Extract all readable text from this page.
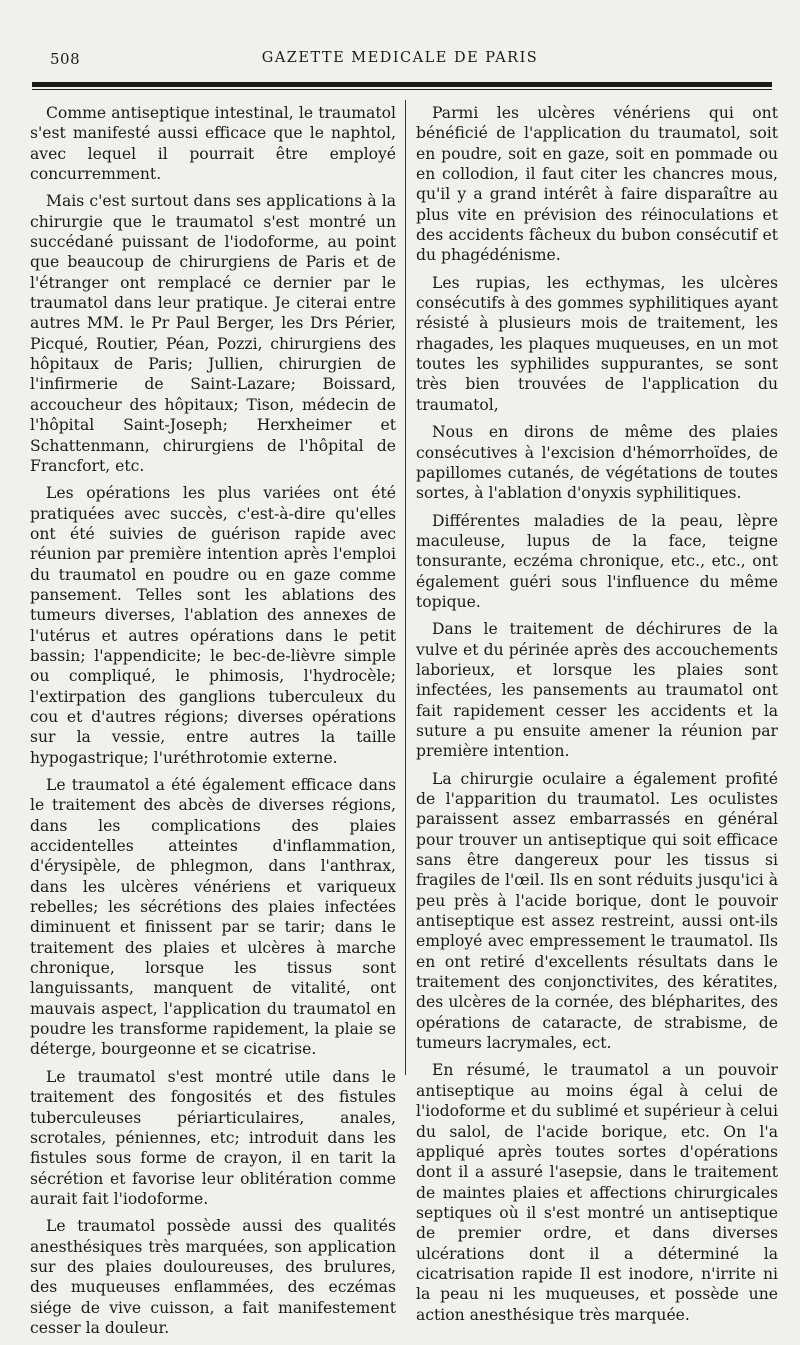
508	GAZETTE MEDICALE DE PARIS

Comme antiseptique intestinal, le traumatol s'est manifesté aussi efficace que le naphtol, avec lequel il pourrait être employé concurremment.

Mais c'est surtout dans ses applications à la chirurgie que le traumatol s'est montré un succédané puissant de l'iodoforme, au point que beaucoup de chirurgiens de Paris et de l'étranger ont remplacé ce dernier par le traumatol dans leur pratique. Je citerai entre autres MM. le Pr Paul Berger, les Drs Périer, Picqué, Routier, Péan, Pozzi, chirurgiens des hôpitaux de Paris; Jullien, chirurgien de l'infirmerie de Saint-Lazare; Boissard, accoucheur des hôpitaux; Tison, médecin de l'hôpital Saint-Joseph; Herxheimer et Schattenmann, chirurgiens de l'hôpital de Francfort, etc.

Les opérations les plus variées ont été pratiquées avec succès, c'est-à-dire qu'elles ont été suivies de guérison rapide avec réunion par première intention après l'emploi du traumatol en poudre ou en gaze comme pansement. Telles sont les ablations des tumeurs diverses, l'ablation des annexes de l'utérus et autres opérations dans le petit bassin; l'appendicite; le bec-de-lièvre simple ou compliqué, le phimosis, l'hydrocèle; l'extirpation des ganglions tuberculeux du cou et d'autres régions; diverses opérations sur la vessie, entre autres la taille hypogastrique; l'uréthrotomie externe.

Le traumatol a été également efficace dans le traitement des abcès de diverses régions, dans les complications des plaies accidentelles atteintes d'inflammation, d'érysipèle, de phlegmon, dans l'anthrax, dans les ulcères vénériens et variqueux rebelles; les sécrétions des plaies infectées diminuent et finissent par se tarir; dans le traitement des plaies et ulcères à marche chronique, lorsque les tissus sont languissants, manquent de vitalité, ont mauvais aspect, l'application du traumatol en poudre les transforme rapidement, la plaie se déterge, bourgeonne et se cicatrise.

Le traumatol s'est montré utile dans le traitement des fongosités et des fistules tuberculeuses périarticulaires, anales, scrotales, péniennes, etc; introduit dans les fistules sous forme de crayon, il en tarit la sécrétion et favorise leur oblitération comme aurait fait l'iodoforme.

Le traumatol possède aussi des qualités anesthésiques très marquées, son application sur des plaies douloureuses, des brulures, des muqueuses enflammées, des eczémas siége de vive cuisson, a fait manifestement cesser la douleur.

Parmi les ulcères vénériens qui ont bénéficié de l'application du traumatol, soit en poudre, soit en gaze, soit en pommade ou en collodion, il faut citer les chancres mous, qu'il y a grand intérêt à faire disparaître au plus vite en prévision des réinoculations et des accidents fâcheux du bubon consécutif et du phagédénisme.

Les rupias, les ecthymas, les ulcères consécutifs à des gommes syphilitiques ayant résisté à plusieurs mois de traitement, les rhagades, les plaques muqueuses, en un mot toutes les syphilides suppurantes, se sont très bien trouvées de l'application du traumatol,

Nous en dirons de même des plaies consécutives à l'excision d'hémorrhoïdes, de papillomes cutanés, de végétations de toutes sortes, à l'ablation d'onyxis syphilitiques.

Différentes maladies de la peau, lèpre maculeuse, lupus de la face, teigne tonsurante, eczéma chronique, etc., etc., ont également guéri sous l'influence du même topique.

Dans le traitement de déchirures de la vulve et du périnée après des accouchements laborieux, et lorsque les plaies sont infectées, les pansements au traumatol ont fait rapidement cesser les accidents et la suture a pu ensuite amener la réunion par première intention.

La chirurgie oculaire a également profité de l'apparition du traumatol. Les oculistes paraissent assez embarrassés en général pour trouver un antiseptique qui soit efficace sans être dangereux pour les tissus si fragiles de l'œil. Ils en sont réduits jusqu'ici à peu près à l'acide borique, dont le pouvoir antiseptique est assez restreint, aussi ont-ils employé avec empressement le traumatol. Ils en ont retiré d'excellents résultats dans le traitement des conjonctivites, des kératites, des ulcères de la cornée, des blépharites, des opérations de cataracte, de strabisme, de tumeurs lacrymales, ect.

En résumé, le traumatol a un pouvoir antiseptique au moins égal à celui de l'iodoforme et du sublimé et supérieur à celui du salol, de l'acide borique, etc. On l'a appliqué après toutes sortes d'opérations dont il a assuré l'asepsie, dans le traitement de maintes plaies et affections chirurgicales septiques où il s'est montré un antiseptique de premier ordre, et dans diverses ulcérations dont il a déterminé la cicatrisation rapide Il est inodore, n'irrite ni la peau ni les muqueuses, et possède une action anesthésique très marquée.
